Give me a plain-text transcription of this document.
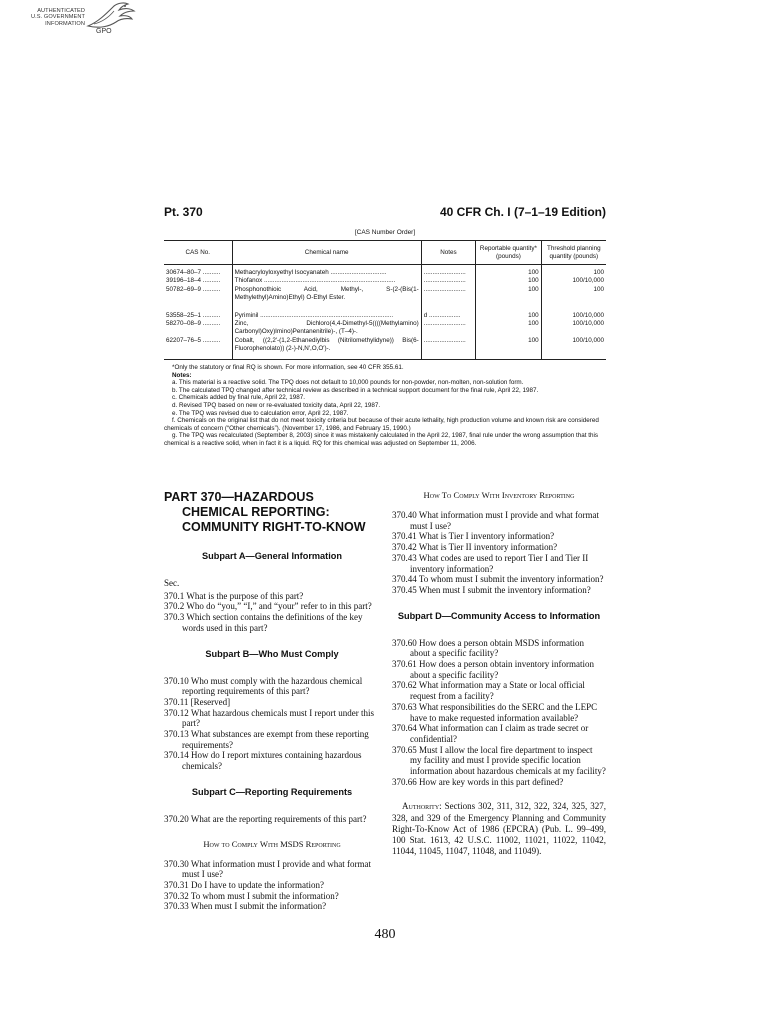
AUTHENTICATED
U.S. GOVERNMENT
INFORMATION
GPO
Pt. 370	40 CFR Ch. I (7–1–19 Edition)
[CAS Number Order]
CAS No.	Chemical name	Notes	Reportable quantity* (pounds)	Threshold planning quantity (pounds)
30674–80–7 ..........	Methacryloyloxyethyl Isocyanateh ................................	........................	100	100
39196–18–4 ..........	Thiofanox ...........................................................................	........................	100	100/10,000
50782–69–9 ..........	Phosphonothioic Acid, Methyl-, S-(2-(Bis(1-Methylethyl)Amino)Ethyl) O-Ethyl Ester.	........................	100	100
53558–25–1 ..........	Pyriminil ............................................................................	d ..................	100	100/10,000
58270–08–9 ..........	Zinc, Dichloro(4,4-Dimethyl-5((((Methylamino) Carbonyl)Oxy)Imino)Pentanenitrile)-, (T–4)-.	........................	100	100/10,000
62207–76–5 ..........	Cobalt, ((2,2′-(1,2-Ethanediylbis (Nitrilomethylidyne)) Bis(6-Fluorophenolato)) (2-)-N,N′,O,O′)-.	........................	100	100/10,000

*Only the statutory or final RQ is shown. For more information, see 40 CFR 355.61.

Notes:

a. This material is a reactive solid. The TPQ does not default to 10,000 pounds for non-powder, non-molten, non-solution form.

b. The calculated TPQ changed after technical review as described in a technical support document for the final rule, April 22, 1987.

c. Chemicals added by final rule, April 22, 1987.

d. Revised TPQ based on new or re-evaluated toxicity data, April 22, 1987.

e. The TPQ was revised due to calculation error, April 22, 1987.

f. Chemicals on the original list that do not meet toxicity criteria but because of their acute lethality, high production volume and known risk are considered chemicals of concern (“Other chemicals”). (November 17, 1986, and February 15, 1990.)

g. The TPQ was recalculated (September 8, 2003) since it was mistakenly calculated in the April 22, 1987, final rule under the wrong assumption that this chemical is a reactive solid, when in fact it is a liquid. RQ for this chemical was adjusted on September 11, 2006.

PART 370—HAZARDOUS CHEMICAL REPORTING: COMMUNITY RIGHT-TO-KNOW
Subpart A—General Information
Sec.

370.1 What is the purpose of this part?

370.2 Who do “you,” “I,” and “your” refer to in this part?

370.3 Which section contains the definitions of the key words used in this part?

Subpart B—Who Must Comply

370.10 Who must comply with the hazardous chemical reporting requirements of this part?

370.11 [Reserved]

370.12 What hazardous chemicals must I report under this part?

370.13 What substances are exempt from these reporting requirements?

370.14 How do I report mixtures containing hazardous chemicals?

Subpart C—Reporting Requirements

370.20 What are the reporting requirements of this part?

How to Comply With MSDS Reporting

370.30 What information must I provide and what format must I use?

370.31 Do I have to update the information?

370.32 To whom must I submit the information?

370.33 When must I submit the information?

How To Comply With Inventory Reporting

370.40 What information must I provide and what format must I use?

370.41 What is Tier I inventory information?

370.42 What is Tier II inventory information?

370.43 What codes are used to report Tier I and Tier II inventory information?

370.44 To whom must I submit the inventory information?

370.45 When must I submit the inventory information?

Subpart D—Community Access to Information

370.60 How does a person obtain MSDS information about a specific facility?

370.61 How does a person obtain inventory information about a specific facility?

370.62 What information may a State or local official request from a facility?

370.63 What responsibilities do the SERC and the LEPC have to make requested information available?

370.64 What information can I claim as trade secret or confidential?

370.65 Must I allow the local fire department to inspect my facility and must I provide specific location information about hazardous chemicals at my facility?

370.66 How are key words in this part defined?

Authority: Sections 302, 311, 312, 322, 324, 325, 327, 328, and 329 of the Emergency Planning and Community Right-To-Know Act of 1986 (EPCRA) (Pub. L. 99–499, 100 Stat. 1613, 42 U.S.C. 11002, 11021, 11022, 11042, 11044, 11045, 11047, 11048, and 11049).

480
